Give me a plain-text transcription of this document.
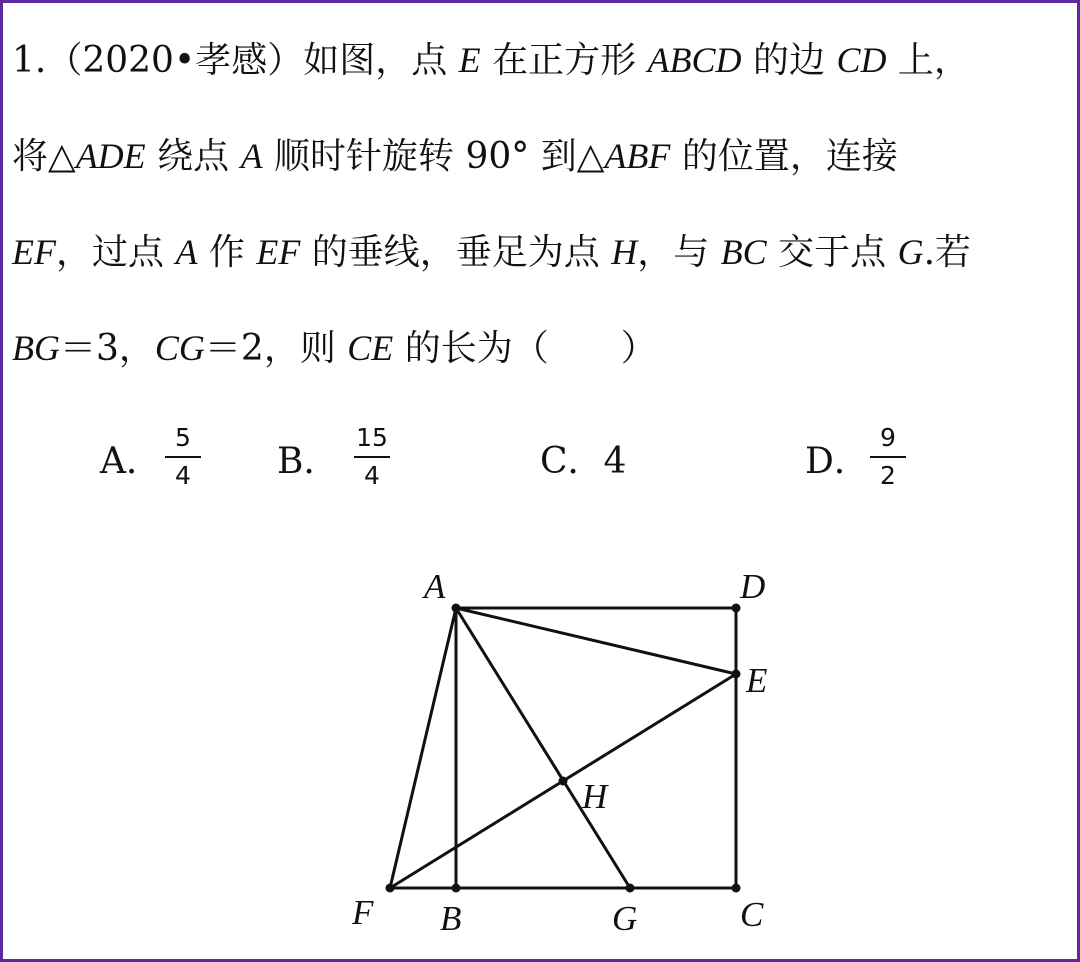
1.（2020•孝感）如图，点 E 在正方形 ABCD 的边 CD 上，
将△ADE 绕点 A 顺时针旋转 90° 到△ABF 的位置，连接
EF，过点 A 作 EF 的垂线，垂足为点 H，与 BC 交于点 G.若
BG＝3，CG＝2，则 CE 的长为（　　）
A．
5
4	B．
15
4	C．4	D．
9
2
A	D
E
H
F B	G	C
